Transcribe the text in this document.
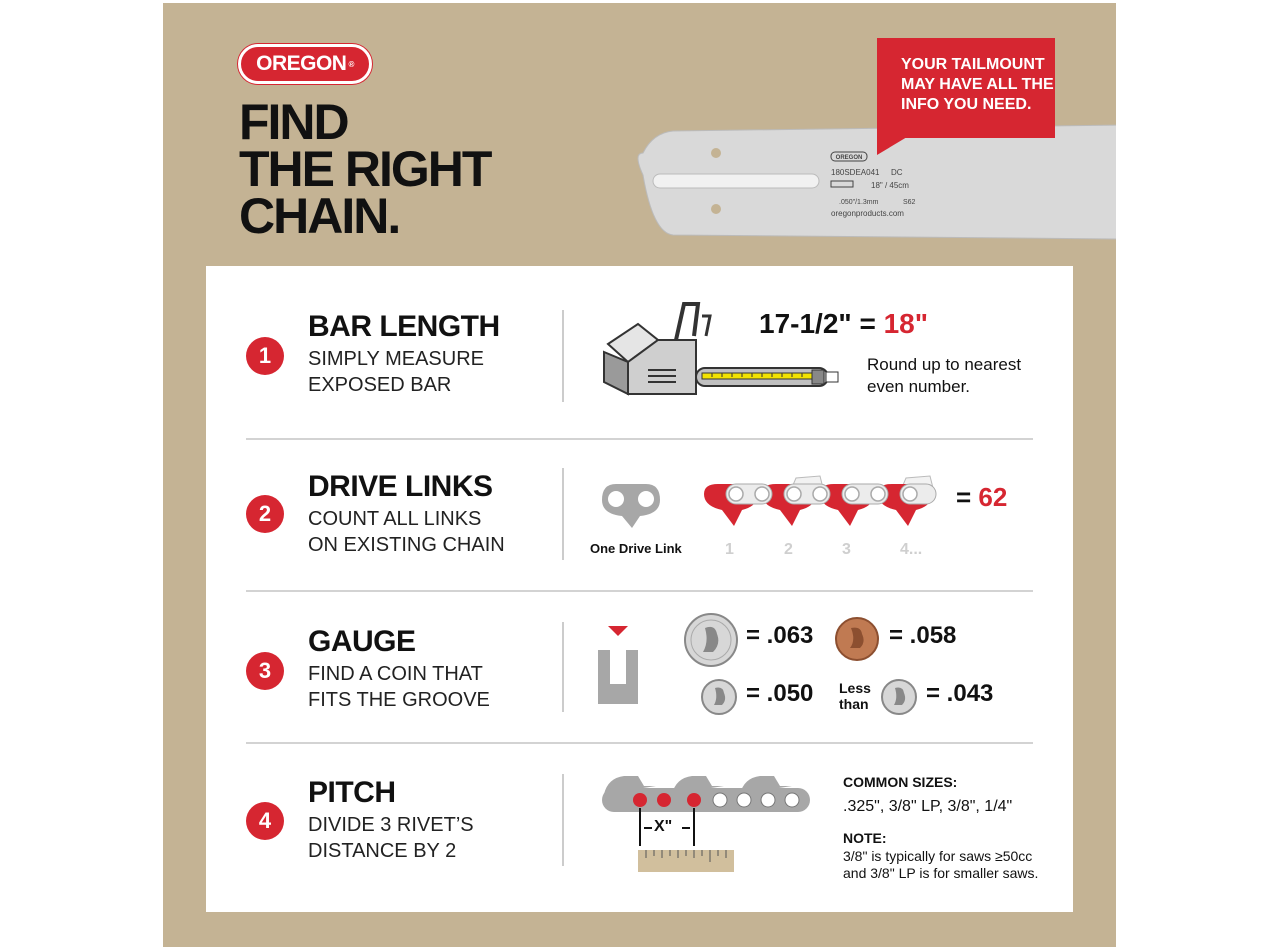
OREGON ®
FIND
THE RIGHT
CHAIN.
OREGON
180SDEA041 DC
18" / 45cm
.050"/1.3mm	S62
oregonproducts.com
YOUR TAILMOUNT
MAY HAVE ALL THE
INFO YOU NEED.
1
BAR LENGTH
SIMPLY MEASURE
EXPOSED BAR
17-1/2" = 18"
Round up to nearest
even number.
2
DRIVE LINKS
COUNT ALL LINKS
ON EXISTING CHAIN	One Drive Link
= 62
1	2	3	4...
3
GAUGE
FIND A COIN THAT
FITS THE GROOVE
= .063	= .058
= .050 Less
than = .043
4
PITCH
DIVIDE 3 RIVET’S
DISTANCE BY 2
X"
COMMON SIZES:
.325", 3/8" LP, 3/8", 1/4"
NOTE:
3/8" is typically for saws ≥50cc
and 3/8" LP is for smaller saws.
